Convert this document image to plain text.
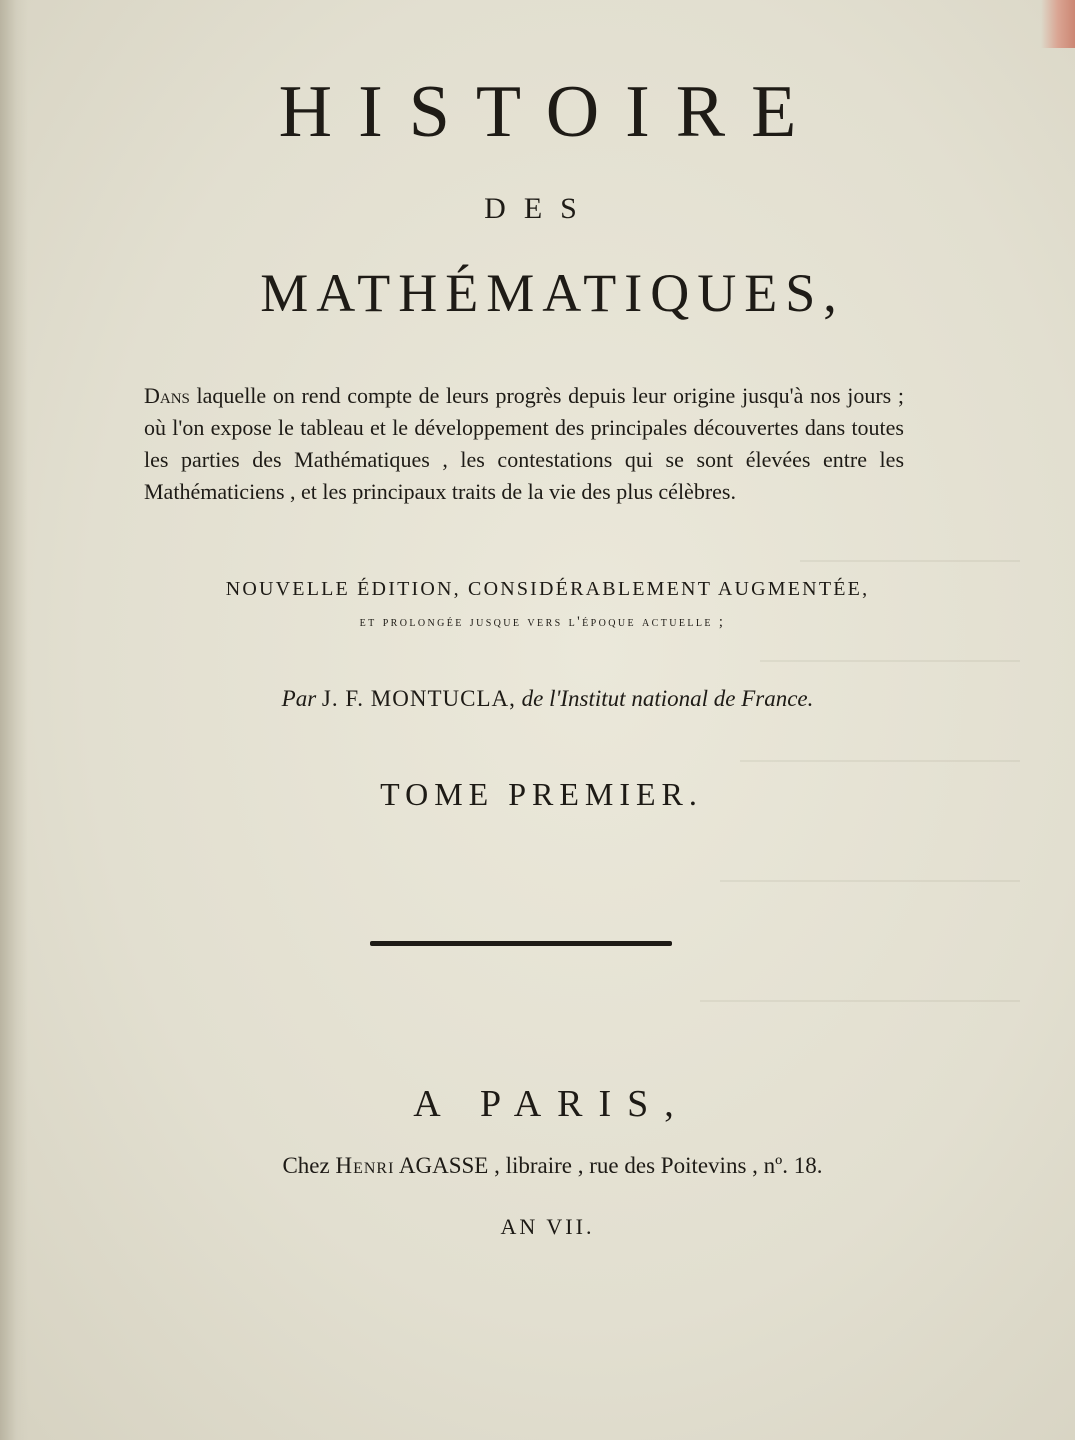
HISTOIRE
DES
MATHÉMATIQUES,
Dans laquelle on rend compte de leurs progrès depuis leur origine jusqu'à nos jours ; où l'on expose le tableau et le développement des principales découvertes dans toutes les parties des Mathématiques , les contestations qui se sont élevées entre les Mathématiciens , et les principaux traits de la vie des plus célèbres.
NOUVELLE ÉDITION, CONSIDÉRABLEMENT AUGMENTÉE,
et prolongée jusque vers l'époque actuelle ;
Par J. F. MONTUCLA, de l'Institut national de France.
TOME PREMIER.
A PARIS,
Chez Henri AGASSE , libraire , rue des Poitevins , nº. 18.
AN VII.
